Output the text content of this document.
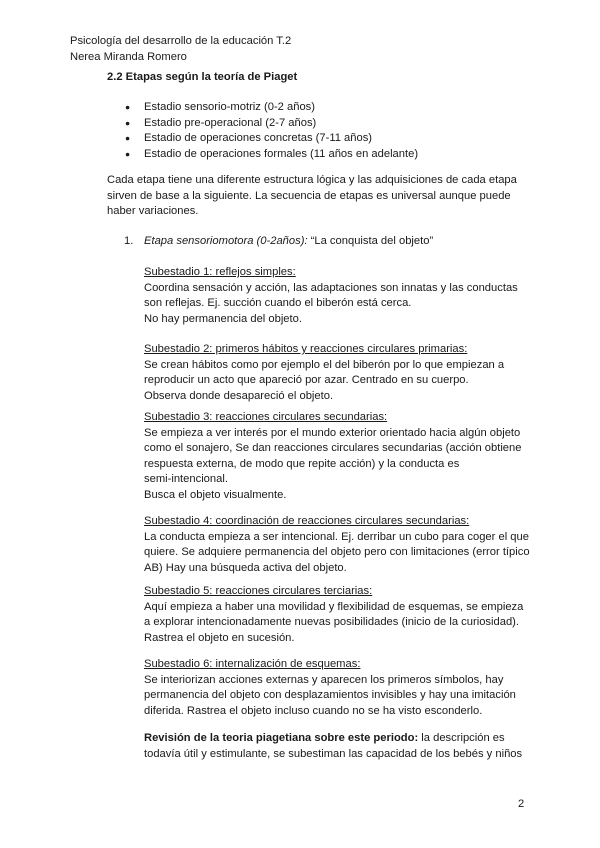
Psicología del desarrollo de la educación T.2
Nerea Miranda Romero
2.2 Etapas según la teoría de Piaget
● Estadio sensorio-motriz (0-2 años)
● Estadio pre-operacional (2-7 años)
● Estadio de operaciones concretas (7-11 años)
● Estadio de operaciones formales (11 años en adelante)

Cada etapa tiene una diferente estructura lógica y las adquisiciones de cada etapa
sirven de base a la siguiente. La secuencia de etapas es universal aunque puede
haber variaciones.

1. Etapa sensoriomotora (0-2años): “La conquista del objeto”

Subestadio 1: reflejos simples:
Coordina sensación y acción, las adaptaciones son innatas y las conductas
son reflejas. Ej. succión cuando el biberón está cerca.
No hay permanencia del objeto.

Subestadio 2: primeros hábitos y reacciones circulares primarias:
Se crean hábitos como por ejemplo el del biberón por lo que empiezan a
reproducir un acto que apareció por azar. Centrado en su cuerpo.
Observa donde desapareció el objeto.

Subestadio 3: reacciones circulares secundarias:
Se empieza a ver interés por el mundo exterior orientado hacia algún objeto
como el sonajero, Se dan reacciones circulares secundarias (acción obtiene
respuesta externa, de modo que repite acción) y la conducta es
semi-intencional.
Busca el objeto visualmente.

Subestadio 4: coordinación de reacciones circulares secundarias:
La conducta empieza a ser intencional. Ej. derribar un cubo para coger el que
quiere. Se adquiere permanencia del objeto pero con limitaciones (error típico
AB) Hay una búsqueda activa del objeto.

Subestadio 5: reacciones circulares terciarias:
Aquí empieza a haber una movilidad y flexibilidad de esquemas, se empieza
a explorar intencionadamente nuevas posibilidades (inicio de la curiosidad).
Rastrea el objeto en sucesión.

Subestadio 6: internalización de esquemas:
Se interiorizan acciones externas y aparecen los primeros símbolos, hay
permanencia del objeto con desplazamientos invisibles y hay una imitación
diferida. Rastrea el objeto incluso cuando no se ha visto esconderlo.

Revisión de la teoria piagetiana sobre este periodo: la descripción es
todavía útil y estimulante, se subestiman las capacidad de los bebés y niños

2
